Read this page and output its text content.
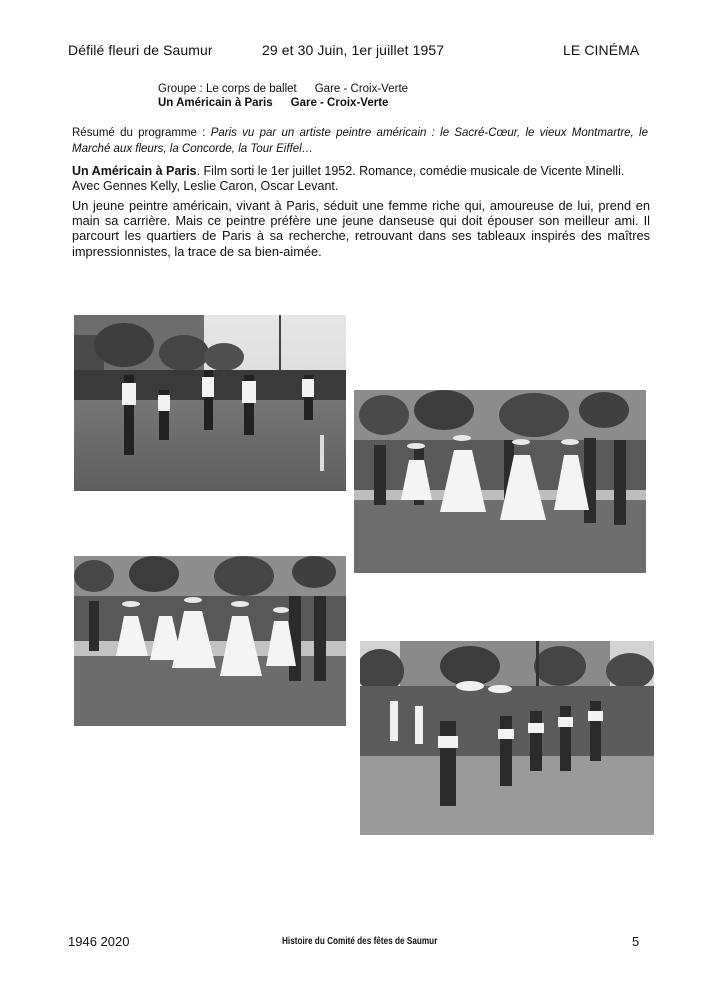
Défilé fleuri de Saumur	29 et 30 Juin, 1er juillet 1957	LE CINÉMA
Groupe : Le corps de ballet Gare - Croix-Verte
Un Américain à Paris Gare - Croix-Verte
Résumé du programme : Paris vu par un artiste peintre américain : le Sacré-Cœur, le vieux Montmartre, le Marché aux fleurs, la Concorde, la Tour Eiffel…
Un Américain à Paris. Film sorti le 1er juillet 1952. Romance, comédie musicale de Vicente Minelli.
Avec Gennes Kelly, Leslie Caron, Oscar Levant.
Un jeune peintre américain, vivant à Paris, séduit une femme riche qui, amoureuse de lui, prend en main sa carrière. Mais ce peintre préfère une jeune danseuse qui doit épouser son meilleur ami. Il parcourt les quartiers de Paris à sa recherche, retrouvant dans ses tableaux inspirés des maîtres impressionnistes, la trace de sa bien-aimée.
1946 2020	Histoire du Comité des fêtes de Saumur	5
